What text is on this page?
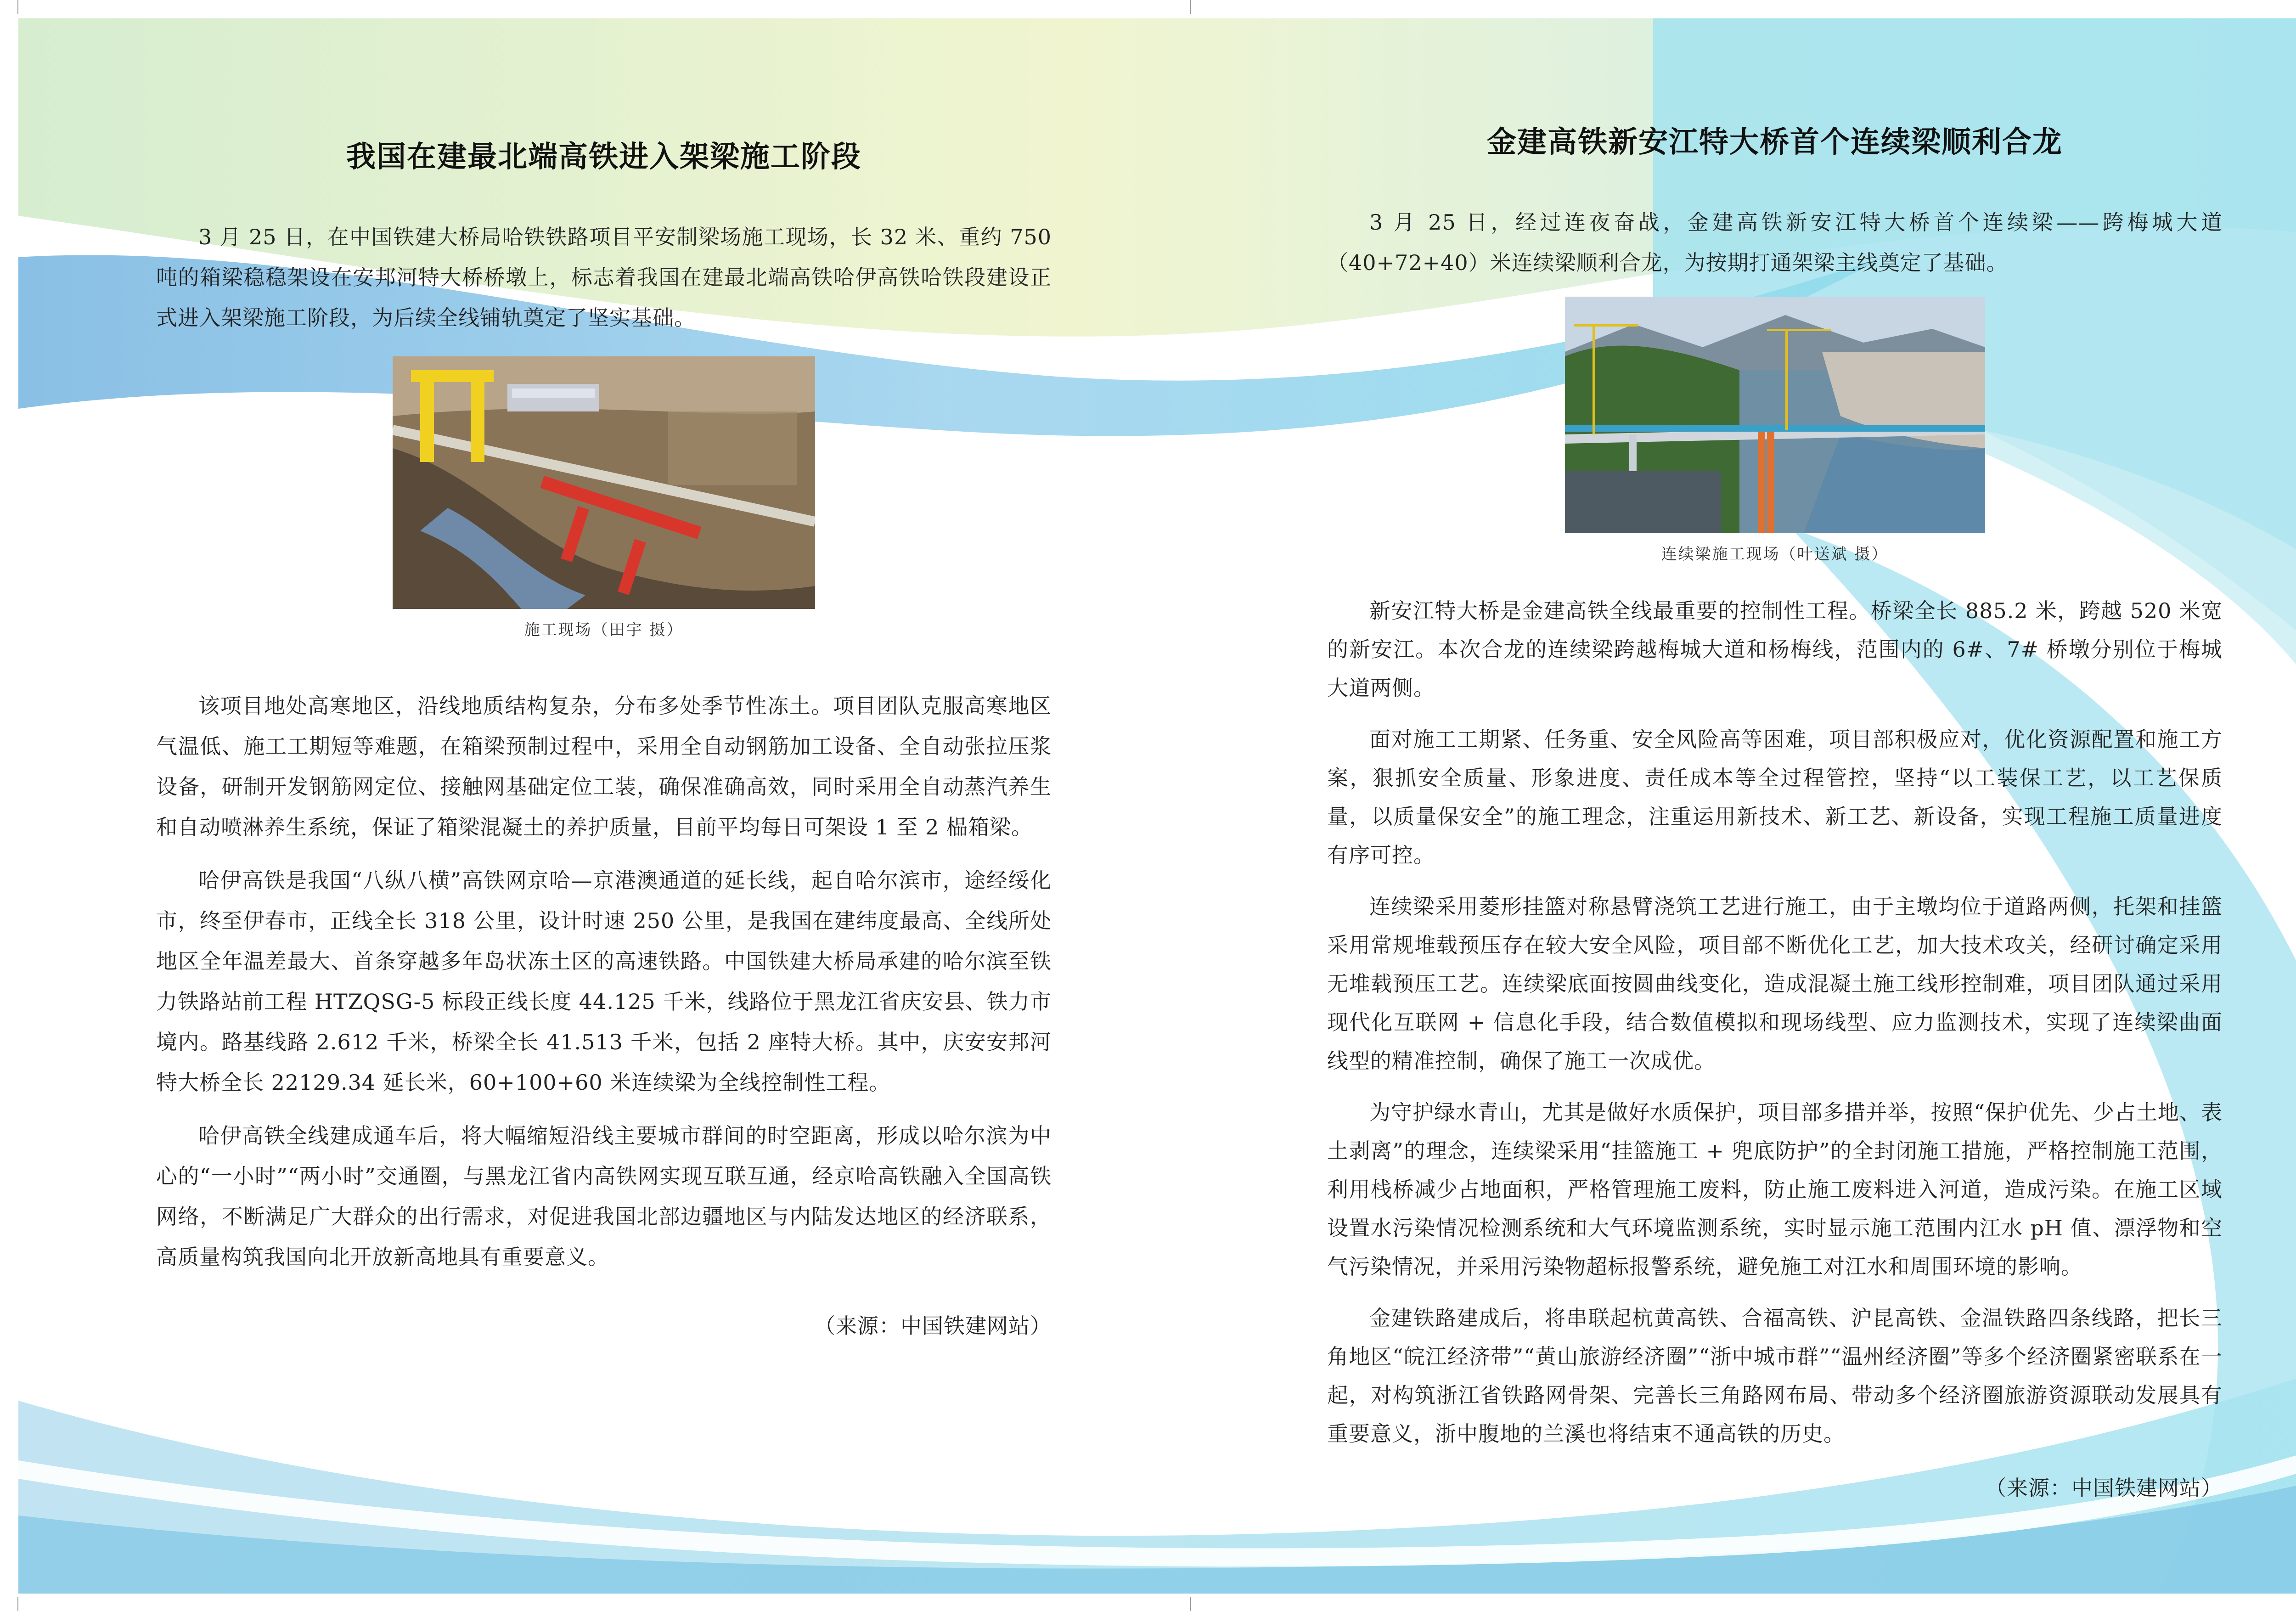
我国在建最北端高铁进入架梁施工阶段

3 月 25 日，在中国铁建大桥局哈铁铁路项目平安制梁场施工现场，长 32 米、重约 750 吨的箱梁稳稳架设在安邦河特大桥桥墩上，标志着我国在建最北端高铁哈伊高铁哈铁段建设正式进入架梁施工阶段，为后续全线铺轨奠定了坚实基础。

施工现场（田宇 摄）

该项目地处高寒地区，沿线地质结构复杂，分布多处季节性冻土。项目团队克服高寒地区气温低、施工工期短等难题，在箱梁预制过程中，采用全自动钢筋加工设备、全自动张拉压浆设备，研制开发钢筋网定位、接触网基础定位工装，确保准确高效，同时采用全自动蒸汽养生和自动喷淋养生系统，保证了箱梁混凝土的养护质量，目前平均每日可架设 1 至 2 榀箱梁。

哈伊高铁是我国“八纵八横”高铁网京哈—京港澳通道的延长线，起自哈尔滨市，途经绥化市，终至伊春市，正线全长 318 公里，设计时速 250 公里，是我国在建纬度最高、全线所处地区全年温差最大、首条穿越多年岛状冻土区的高速铁路。中国铁建大桥局承建的哈尔滨至铁力铁路站前工程 HTZQSG-5 标段正线长度 44.125 千米，线路位于黑龙江省庆安县、铁力市境内。路基线路 2.612 千米，桥梁全长 41.513 千米，包括 2 座特大桥。其中，庆安安邦河特大桥全长 22129.34 延长米，60+100+60 米连续梁为全线控制性工程。

哈伊高铁全线建成通车后，将大幅缩短沿线主要城市群间的时空距离，形成以哈尔滨为中心的“一小时”“两小时”交通圈，与黑龙江省内高铁网实现互联互通，经京哈高铁融入全国高铁网络，不断满足广大群众的出行需求，对促进我国北部边疆地区与内陆发达地区的经济联系，高质量构筑我国向北开放新高地具有重要意义。

（来源：中国铁建网站）
金建高铁新安江特大桥首个连续梁顺利合龙

3 月 25 日，经过连夜奋战，金建高铁新安江特大桥首个连续梁——跨梅城大道（40+72+40）米连续梁顺利合龙，为按期打通架梁主线奠定了基础。

连续梁施工现场（叶送斌 摄）

新安江特大桥是金建高铁全线最重要的控制性工程。桥梁全长 885.2 米，跨越 520 米宽的新安江。本次合龙的连续梁跨越梅城大道和杨梅线，范围内的 6#、7# 桥墩分别位于梅城大道两侧。

面对施工工期紧、任务重、安全风险高等困难，项目部积极应对，优化资源配置和施工方案，狠抓安全质量、形象进度、责任成本等全过程管控，坚持“以工装保工艺，以工艺保质量，以质量保安全”的施工理念，注重运用新技术、新工艺、新设备，实现工程施工质量进度有序可控。

连续梁采用菱形挂篮对称悬臂浇筑工艺进行施工，由于主墩均位于道路两侧，托架和挂篮采用常规堆载预压存在较大安全风险，项目部不断优化工艺，加大技术攻关，经研讨确定采用无堆载预压工艺。连续梁底面按圆曲线变化，造成混凝土施工线形控制难，项目团队通过采用现代化互联网 + 信息化手段，结合数值模拟和现场线型、应力监测技术，实现了连续梁曲面线型的精准控制，确保了施工一次成优。

为守护绿水青山，尤其是做好水质保护，项目部多措并举，按照“保护优先、少占土地、表土剥离”的理念，连续梁采用“挂篮施工 + 兜底防护”的全封闭施工措施，严格控制施工范围，利用栈桥减少占地面积，严格管理施工废料，防止施工废料进入河道，造成污染。在施工区域设置水污染情况检测系统和大气环境监测系统，实时显示施工范围内江水 pH 值、漂浮物和空气污染情况，并采用污染物超标报警系统，避免施工对江水和周围环境的影响。

金建铁路建成后，将串联起杭黄高铁、合福高铁、沪昆高铁、金温铁路四条线路，把长三角地区“皖江经济带”“黄山旅游经济圈”“浙中城市群”“温州经济圈”等多个经济圈紧密联系在一起，对构筑浙江省铁路网骨架、完善长三角路网布局、带动多个经济圈旅游资源联动发展具有重要意义，浙中腹地的兰溪也将结束不通高铁的历史。

（来源：中国铁建网站）
